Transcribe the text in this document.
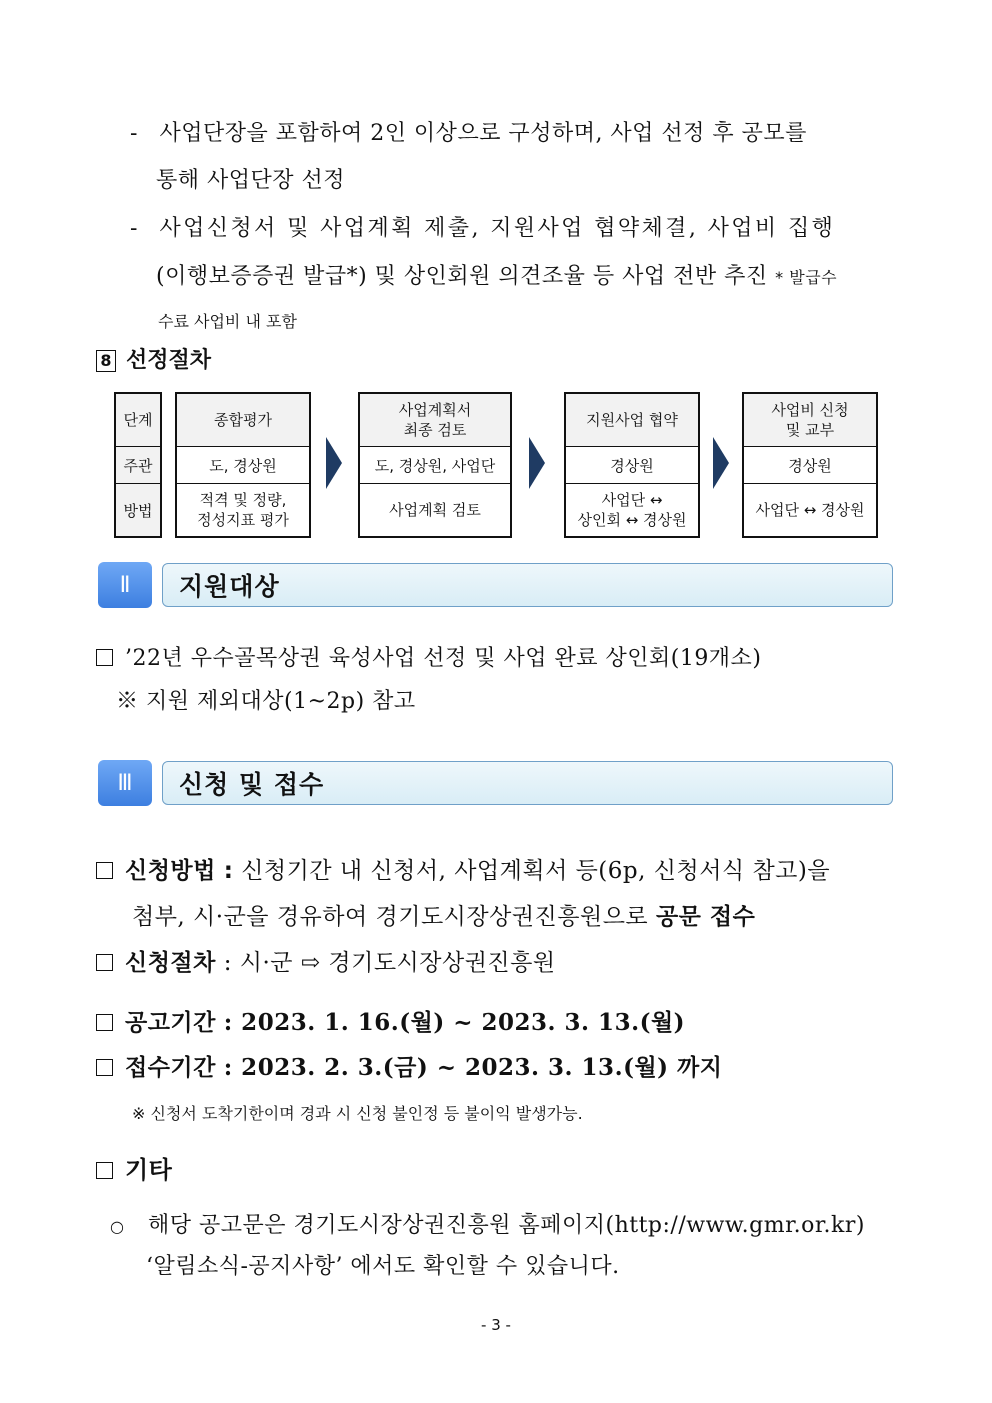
- 사업단장을 포함하여 2인 이상으로 구성하며, 사업 선정 후 공모를
통해 사업단장 선정
- 사업신청서 및 사업계획 제출, 지원사업 협약체결, 사업비 집행
(이행보증증권 발급*) 및 상인회원 의견조율 등 사업 전반 추진 * 발급수
수료 사업비 내 포함
8 선정절차
단계
주관
방법
종합평가
도, 경상원
적격 및 정량,
정성지표 평가
사업계획서
최종 검토
도, 경상원, 사업단
사업계획 검토
지원사업 협약
경상원
사업단 ↔
상인회 ↔ 경상원
사업비 신청
및 교부
경상원
사업단 ↔ 경상원
Ⅱ	지원대상
’22년 우수골목상권 육성사업 선정 및 사업 완료 상인회(19개소)
※ 지원 제외대상(1~2p) 참고
Ⅲ	신청 및 접수
신청방법 : 신청기간 내 신청서, 사업계획서 등(6p, 신청서식 참고)을
첨부, 시·군을 경유하여 경기도시장상권진흥원으로 공문 접수
신청절차 : 시·군 ⇨ 경기도시장상권진흥원
공고기간 : 2023. 1. 16.(월) ~ 2023. 3. 13.(월)
접수기간 : 2023. 2. 3.(금) ~ 2023. 3. 13.(월) 까지
※ 신청서 도착기한이며 경과 시 신청 불인정 등 불이익 발생가능.
기타
○ 해당 공고문은 경기도시장상권진흥원 홈페이지(http://www.gmr.or.kr)
‘알림소식-공지사항’ 에서도 확인할 수 있습니다.
- 3 -
